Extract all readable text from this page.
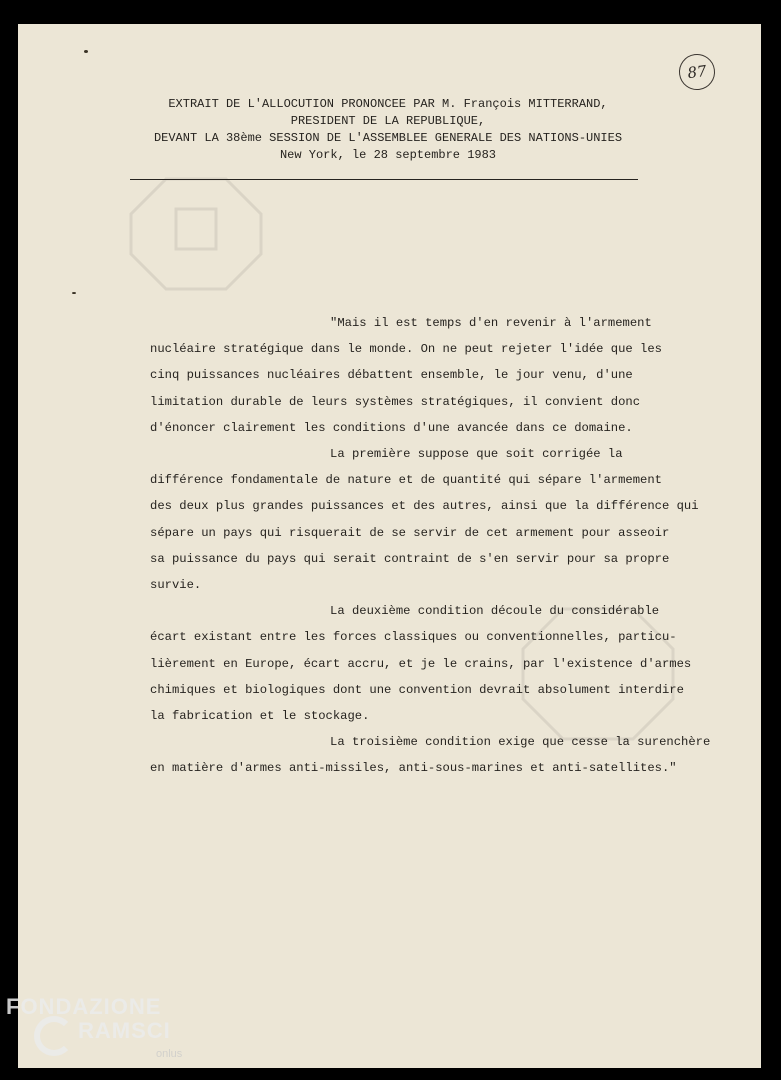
87
EXTRAIT DE L'ALLOCUTION PRONONCEE PAR M. François MITTERRAND,
PRESIDENT DE LA REPUBLIQUE,
DEVANT LA 38ème SESSION DE L'ASSEMBLEE GENERALE DES NATIONS-UNIES
New York, le 28 septembre 1983
"Mais il est temps d'en revenir à l'armement
nucléaire stratégique dans le monde. On ne peut rejeter l'idée que les
cinq puissances nucléaires débattent ensemble, le jour venu, d'une
limitation durable de leurs systèmes stratégiques, il convient donc
d'énoncer clairement les conditions d'une avancée dans ce domaine.
La première suppose que soit corrigée la
différence fondamentale de nature et de quantité qui sépare l'armement
des deux plus grandes puissances et des autres, ainsi que la différence qui
sépare un pays qui risquerait de se servir de cet armement pour asseoir
sa puissance du pays qui serait contraint de s'en servir pour sa propre
survie.
La deuxième condition découle du considérable
écart existant entre les forces classiques ou conventionnelles, particu-
lièrement en Europe, écart accru, et je le crains, par l'existence d'armes
chimiques et biologiques dont une convention devrait absolument interdire
la fabrication et le stockage.
La troisième condition exige que cesse la surenchère
en matière d'armes anti-missiles, anti-sous-marines et anti-satellites."
FONDAZIONE
RAMSCI
onlus
